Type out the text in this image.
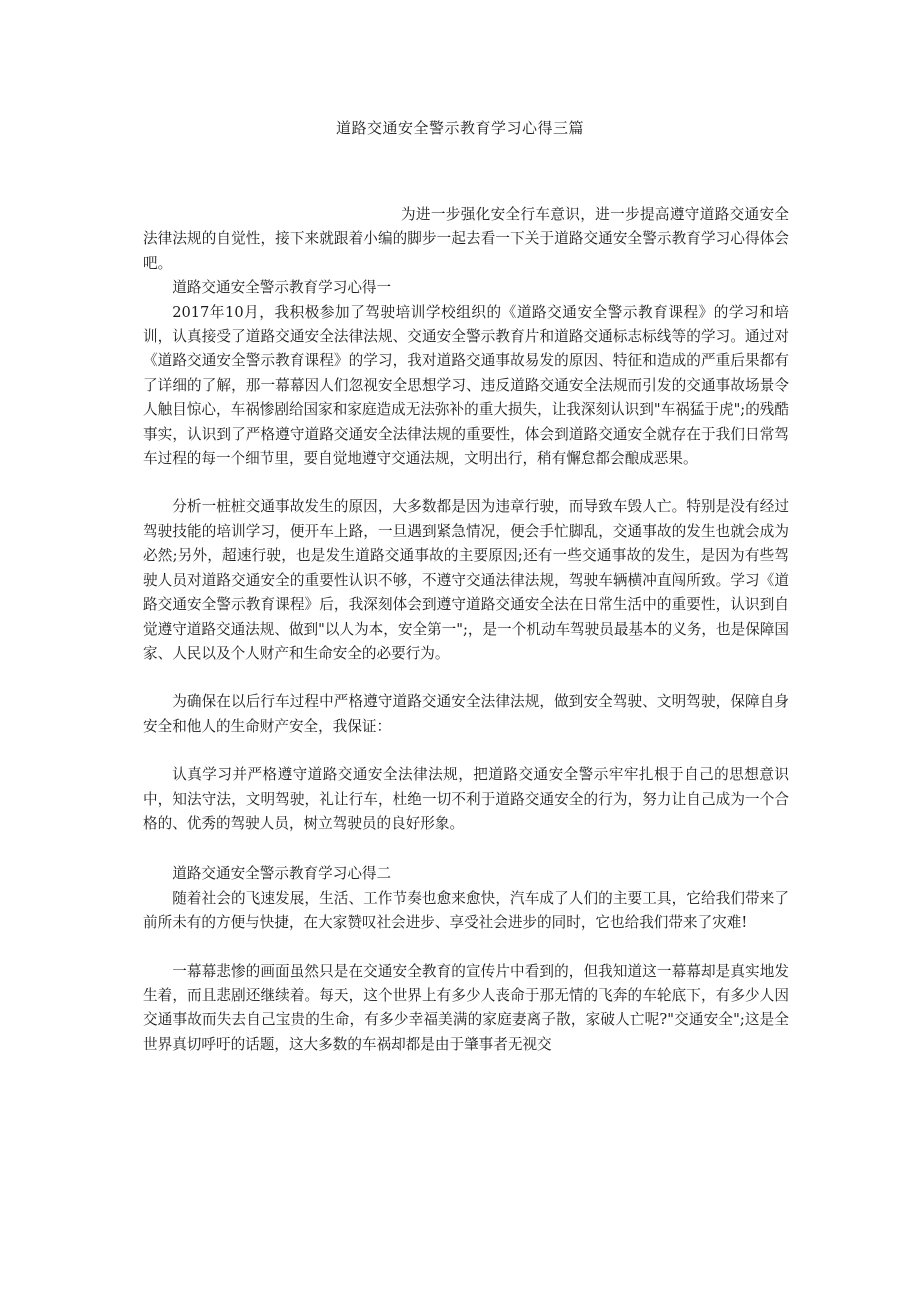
道路交通安全警示教育学习心得三篇

为进一步强化安全行车意识，进一步提高遵守道路交通安全法律法规的自觉性，接下来就跟着小编的脚步一起去看一下关于道路交通安全警示教育学习心得体会吧。

道路交通安全警示教育学习心得一

2017年10月，我积极参加了驾驶培训学校组织的《道路交通安全警示教育课程》的学习和培训，认真接受了道路交通安全法律法规、交通安全警示教育片和道路交通标志标线等的学习。通过对《道路交通安全警示教育课程》的学习，我对道路交通事故易发的原因、特征和造成的严重后果都有了详细的了解，那一幕幕因人们忽视安全思想学习、违反道路交通安全法规而引发的交通事故场景令人触目惊心，车祸惨剧给国家和家庭造成无法弥补的重大损失，让我深刻认识到"车祸猛于虎";的残酷事实，认识到了严格遵守道路交通安全法律法规的重要性，体会到道路交通安全就存在于我们日常驾车过程的每一个细节里，要自觉地遵守交通法规，文明出行，稍有懈怠都会酿成恶果。

分析一桩桩交通事故发生的原因，大多数都是因为违章行驶，而导致车毁人亡。特别是没有经过驾驶技能的培训学习，便开车上路，一旦遇到紧急情况，便会手忙脚乱，交通事故的发生也就会成为必然;另外，超速行驶，也是发生道路交通事故的主要原因;还有一些交通事故的发生，是因为有些驾驶人员对道路交通安全的重要性认识不够，不遵守交通法律法规，驾驶车辆横冲直闯所致。学习《道路交通安全警示教育课程》后，我深刻体会到遵守道路交通安全法在日常生活中的重要性，认识到自觉遵守道路交通法规、做到"以人为本，安全第一";，是一个机动车驾驶员最基本的义务，也是保障国家、人民以及个人财产和生命安全的必要行为。

为确保在以后行车过程中严格遵守道路交通安全法律法规，做到安全驾驶、文明驾驶，保障自身安全和他人的生命财产安全，我保证：

认真学习并严格遵守道路交通安全法律法规，把道路交通安全警示牢牢扎根于自己的思想意识中，知法守法，文明驾驶，礼让行车，杜绝一切不利于道路交通安全的行为，努力让自己成为一个合格的、优秀的驾驶人员，树立驾驶员的良好形象。

道路交通安全警示教育学习心得二

随着社会的飞速发展，生活、工作节奏也愈来愈快，汽车成了人们的主要工具，它给我们带来了前所未有的方便与快捷，在大家赞叹社会进步、享受社会进步的同时，它也给我们带来了灾难!

一幕幕悲惨的画面虽然只是在交通安全教育的宣传片中看到的，但我知道这一幕幕却是真实地发生着，而且悲剧还继续着。每天，这个世界上有多少人丧命于那无情的飞奔的车轮底下，有多少人因交通事故而失去自己宝贵的生命，有多少幸福美满的家庭妻离子散，家破人亡呢?"交通安全";这是全世界真切呼吁的话题，这大多数的车祸却都是由于肇事者无视交
